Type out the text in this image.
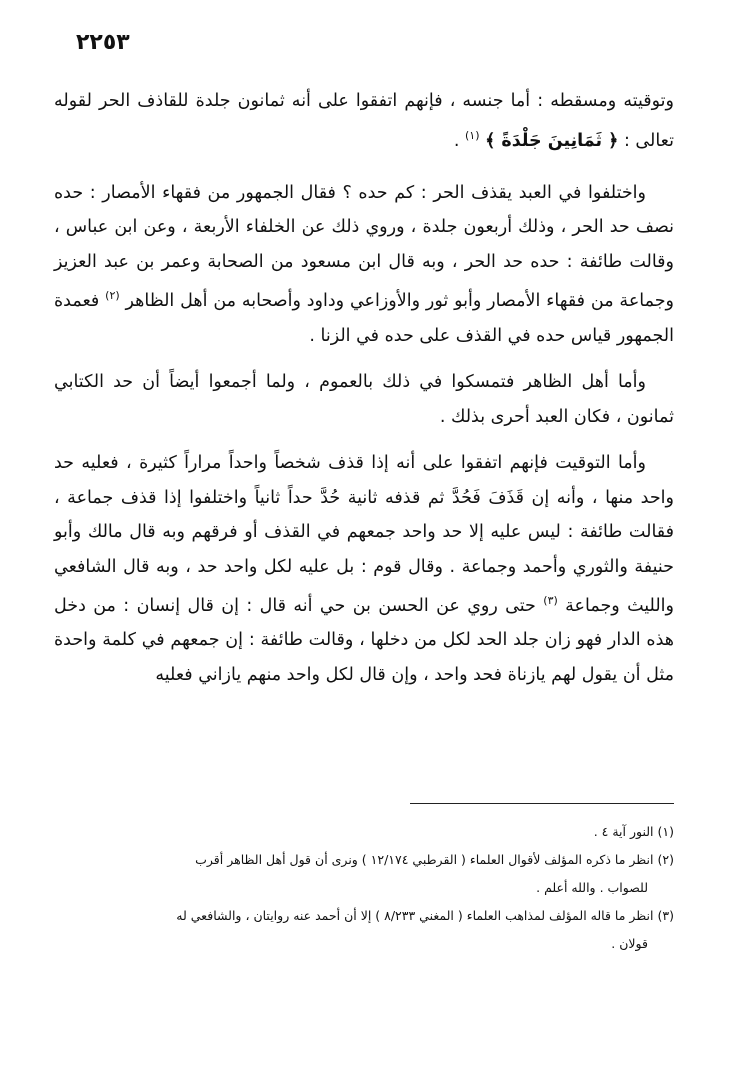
٢٢٥٣

وتوقيته ومسقطه : أما جنسه ، فإنهم اتفقوا على أنه ثمانون جلدة للقاذف الحر لقوله تعالى : ﴿ ثَمَانِينَ جَلْدَةً ﴾ $^{(١)}$ .

واختلفوا في العبد يقذف الحر : كم حده ؟ فقال الجمهور من فقهاء الأمصار : حده نصف حد الحر ، وذلك أربعون جلدة ، وروي ذلك عن الخلفاء الأربعة ، وعن ابن عباس ، وقالت طائفة : حده حد الحر ، وبه قال ابن مسعود من الصحابة وعمر بن عبد العزيز وجماعة من فقهاء الأمصار وأبو ثور والأوزاعي وداود وأصحابه من أهل الظاهر $^{(٢)}$ فعمدة الجمهور قياس حده في القذف على حده في الزنا .

وأما أهل الظاهر فتمسكوا في ذلك بالعموم ، ولما أجمعوا أيضاً أن حد الكتابي ثمانون ، فكان العبد أحرى بذلك .

وأما التوقيت فإنهم اتفقوا على أنه إذا قذف شخصاً واحداً مراراً كثيرة ، فعليه حد واحد منها ، وأنه إن قَذَفَ فَحُدَّ ثم قذفه ثانية حُدَّ حداً ثانياً واختلفوا إذا قذف جماعة ، فقالت طائفة : ليس عليه إلا حد واحد جمعهم في القذف أو فرقهم وبه قال مالك وأبو حنيفة والثوري وأحمد وجماعة . وقال قوم : بل عليه لكل واحد حد ، وبه قال الشافعي والليث وجماعة $^{(٣)}$ حتى روي عن الحسن بن حي أنه قال : إن قال إنسان : من دخل هذه الدار فهو زان جلد الحد لكل من دخلها ، وقالت طائفة : إن جمعهم في كلمة واحدة مثل أن يقول لهم يازناة فحد واحد ، وإن قال لكل واحد منهم يازاني فعليه

(١) النور آية ٤ .

(٢) انظر ما ذكره المؤلف لأقوال العلماء ( القرطبي ١٢/١٧٤ ) ونرى أن قول أهل الظاهر أقرب

للصواب . والله أعلم .

(٣) انظر ما قاله المؤلف لمذاهب العلماء ( المغني ٨/٢٣٣ ) إلا أن أحمد عنه روايتان ، والشافعي له

قولان .
